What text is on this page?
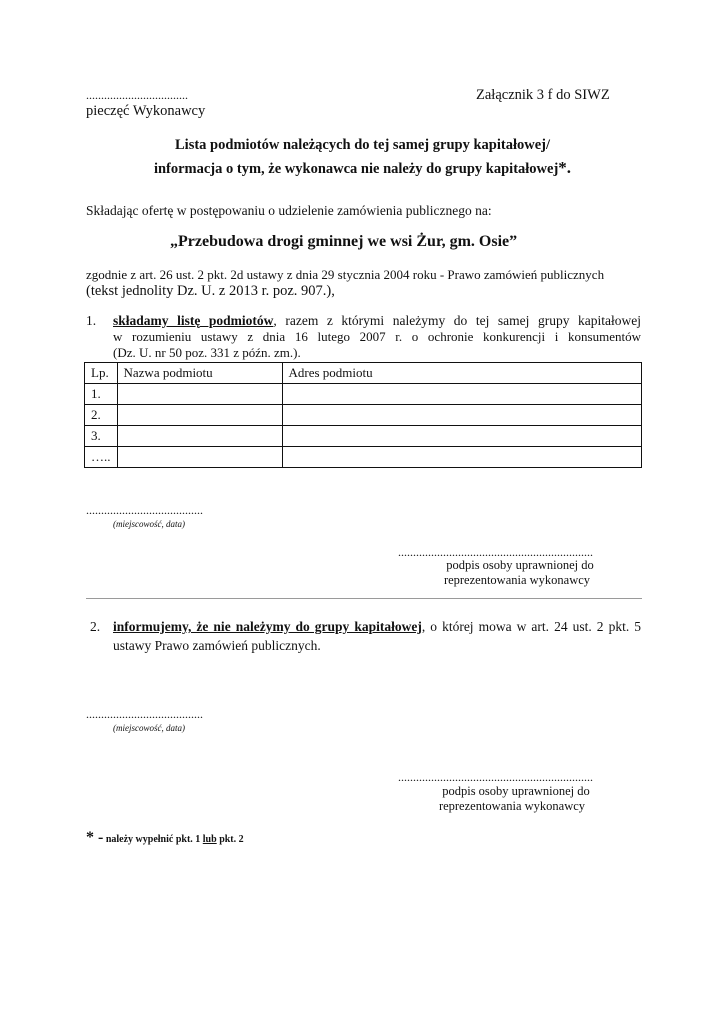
..................................
pieczęć Wykonawcy
Załącznik 3 f do SIWZ
Lista podmiotów należących do tej samej grupy kapitałowej/
informacja o tym, że wykonawca nie należy do grupy kapitałowej*.
Składając ofertę w postępowaniu o udzielenie zamówienia publicznego na:
„Przebudowa drogi gminnej we wsi Żur, gm. Osie”
zgodnie z art. 26 ust. 2 pkt. 2d ustawy z dnia 29 stycznia 2004 roku - Prawo zamówień publicznych
(tekst jednolity Dz. U. z 2013 r. poz. 907.),
1. składamy listę podmiotów, razem z którymi należymy do tej samej grupy kapitałowej
w rozumieniu ustawy z dnia 16 lutego 2007 r. o ochronie konkurencji i konsumentów
(Dz. U. nr 50 poz. 331 z późn. zm.).
Lp.	Nazwa podmiotu	Adres podmiotu
1.		
2.		
3.		
…..		
.......................................
(miejscowość, data)
.................................................................
podpis osoby uprawnionej do
reprezentowania wykonawcy
2. informujemy, że nie należymy do grupy kapitałowej, o której mowa w art. 24 ust. 2 pkt. 5
ustawy Prawo zamówień publicznych.
.......................................
(miejscowość, data)
.................................................................
podpis osoby uprawnionej do
reprezentowania wykonawcy
* - należy wypełnić pkt. 1 lub pkt. 2
